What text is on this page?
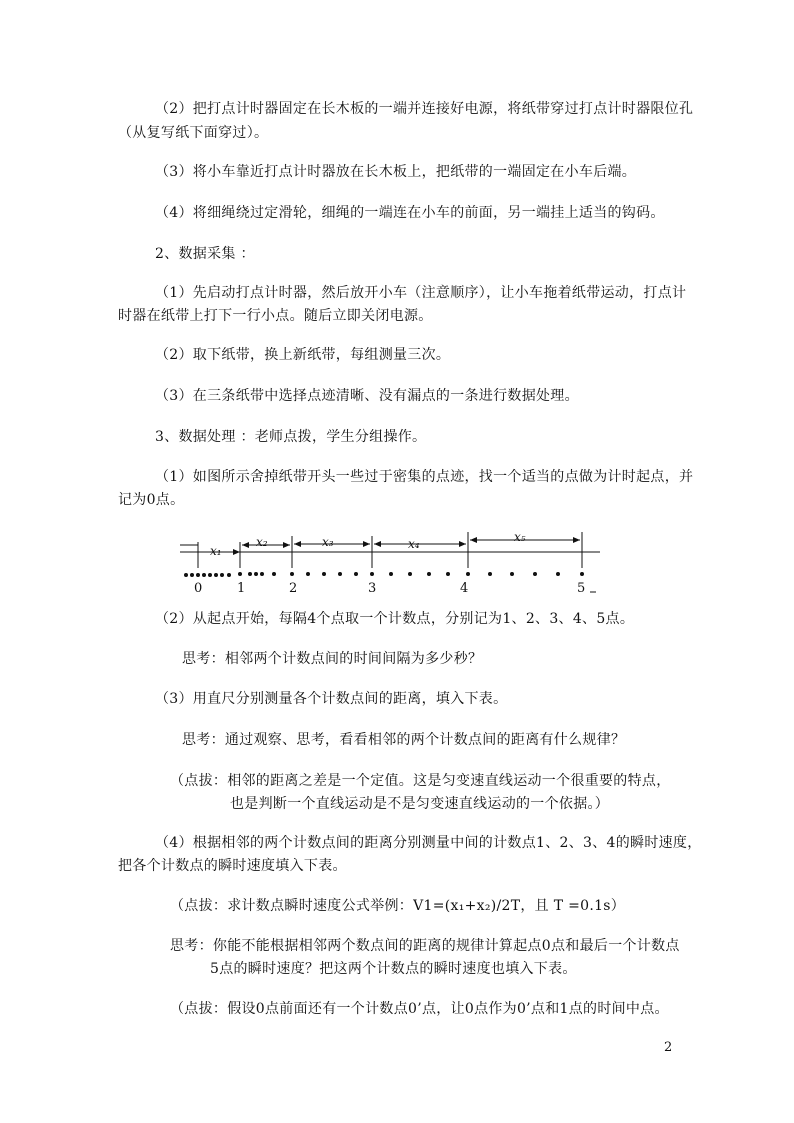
（2）把打点计时器固定在长木板的一端并连接好电源，将纸带穿过打点计时器限位孔
（从复写纸下面穿过）。
（3）将小车靠近打点计时器放在长木板上，把纸带的一端固定在小车后端。
（4）将细绳绕过定滑轮，细绳的一端连在小车的前面，另一端挂上适当的钩码。
2、数据采集 ：
（1）先启动打点计时器，然后放开小车（注意顺序），让小车拖着纸带运动，打点计
时器在纸带上打下一行小点。随后立即关闭电源。
（2）取下纸带，换上新纸带，每组测量三次。
（3）在三条纸带中选择点迹清晰、没有漏点的一条进行数据处理。
3、数据处理 ：老师点拨，学生分组操作。
（1）如图所示舍掉纸带开头一些过于密集的点迹，找一个适当的点做为计时起点，并
记为0点。
x₁
x₂	x₃	x₄	x₅
0	1	2	3	4	5
（2）从起点开始，每隔4个点取一个计数点，分别记为1、2、3、4、5点。
思考：相邻两个计数点间的时间间隔为多少秒？
（3）用直尺分别测量各个计数点间的距离，填入下表。
思考：通过观察、思考，看看相邻的两个计数点间的距离有什么规律？
（点拔：相邻的距离之差是一个定值。这是匀变速直线运动一个很重要的特点，
也是判断一个直线运动是不是匀变速直线运动的一个依据。）
（4）根据相邻的两个计数点间的距离分别测量中间的计数点1、2、3、4的瞬时速度，
把各个计数点的瞬时速度填入下表。
（点拔：求计数点瞬时速度公式举例：V1=(x₁+x₂)/2T，且 T =0.1s）
思考：你能不能根据相邻两个数点间的距离的规律计算起点0点和最后一个计数点
5点的瞬时速度？把这两个计数点的瞬时速度也填入下表。
（点拔：假设0点前面还有一个计数点0’点，让0点作为0’点和1点的时间中点。
2
